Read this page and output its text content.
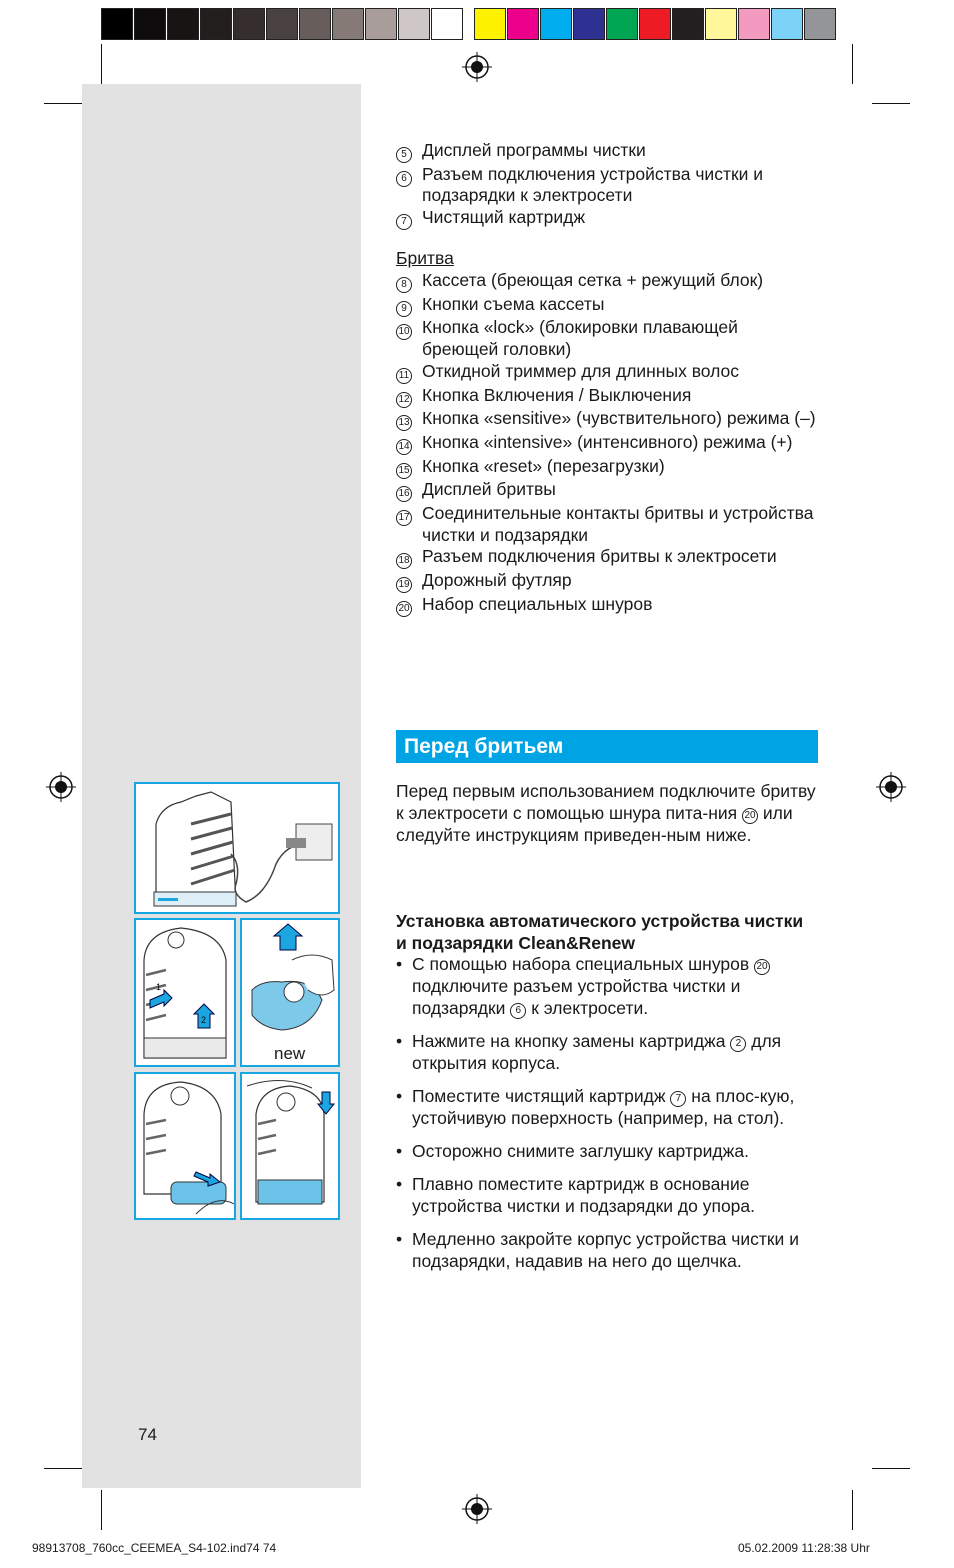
5 Дисплей программы чистки
6 Разъем подключения устройства чистки и подзарядки к электросети
7 Чистящий картридж
Бритва
8 Кассета (бреющая сетка + режущий блок)
9 Кнопки съема кассеты
10 Кнопка «lock» (блокировки плавающей бреющей головки)
11 Откидной триммер для длинных волос
12 Кнопка Включения / Выключения
13 Кнопка «sensitive» (чувствительного) режима (–)
14 Кнопка «intensive» (интенсивного) режима (+)
15 Кнопка «reset» (перезагрузки)
16 Дисплей бритвы
17 Соединительные контакты бритвы и устройства чистки и подзарядки
18 Разъем подключения бритвы к электросети
19 Дорожный футляр
20 Набор специальных шнуров
Перед бритьем
Перед первым использованием подключите бритву к электросети с помощью шнура пита-ния 20 или следуйте инструкциям приведен-ным ниже.
Установка автоматического устройства чистки и подзарядки Clean&Renew
• С помощью набора специальных шнуров 20 подключите разъем устройства чистки и подзарядки 6 к электросети.
• Нажмите на кнопку замены картриджа 2 для открытия корпуса.
• Поместите чистящий картридж 7 на плос-кую, устойчивую поверхность (например, на стол).
• Осторожно снимите заглушку картриджа.
• Плавно поместите картридж в основание устройства чистки и подзарядки до упора.
• Медленно закройте корпус устройства чистки и подзарядки, надавив на него до щелчка.
1
2
new
74
98913708_760cc_CEEMEA_S4-102.ind74 74	05.02.2009 11:28:38 Uhr
